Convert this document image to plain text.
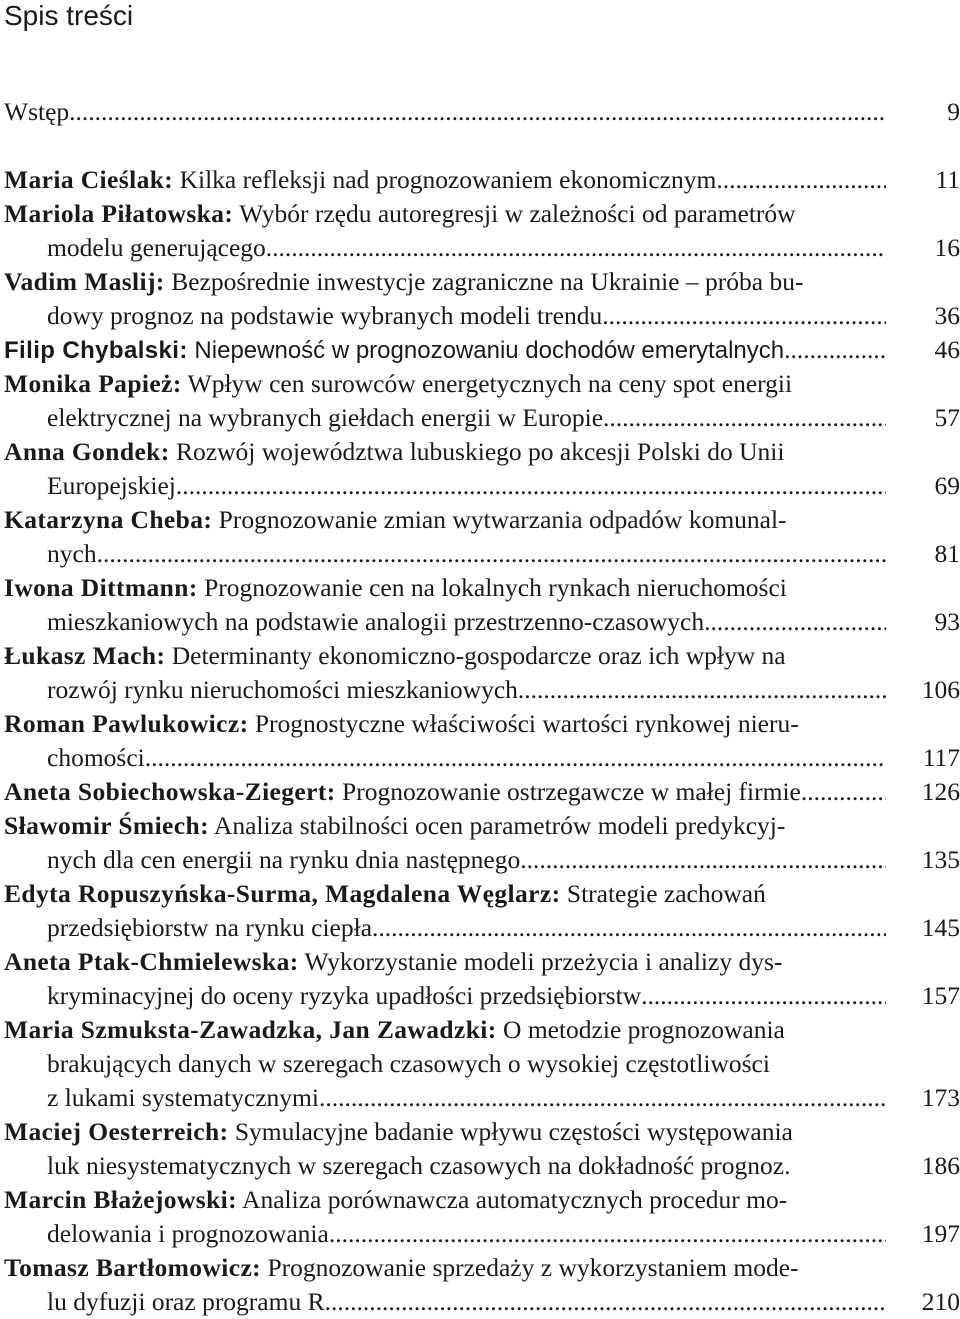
Spis treści
Wstęp .....	9
Maria Cieślak: Kilka refleksji nad prognozowaniem ekonomicznym .....	11
Mariola Piłatowska: Wybór rzędu autoregresji w zależności od parametrów
modelu generującego .....	16
Vadim Maslij: Bezpośrednie inwestycje zagraniczne na Ukrainie – próba bu-
dowy prognoz na podstawie wybranych modeli trendu .....	36
Filip Chybalski: Niepewność w prognozowaniu dochodów emerytalnych .....	46
Monika Papież: Wpływ cen surowców energetycznych na ceny spot energii
elektrycznej na wybranych giełdach energii w Europie .....	57
Anna Gondek: Rozwój województwa lubuskiego po akcesji Polski do Unii
Europejskiej .....	69
Katarzyna Cheba: Prognozowanie zmian wytwarzania odpadów komunal-
nych .....	81
Iwona Dittmann: Prognozowanie cen na lokalnych rynkach nieruchomości
mieszkaniowych na podstawie analogii przestrzenno-czasowych .....	93
Łukasz Mach: Determinanty ekonomiczno-gospodarcze oraz ich wpływ na
rozwój rynku nieruchomości mieszkaniowych .....	106
Roman Pawlukowicz: Prognostyczne właściwości wartości rynkowej nieru-
chomości .....	117
Aneta Sobiechowska-Ziegert: Prognozowanie ostrzegawcze w małej firmie .....	126
Sławomir Śmiech: Analiza stabilności ocen parametrów modeli predykcyj-
nych dla cen energii na rynku dnia następnego .....	135
Edyta Ropuszyńska-Surma, Magdalena Węglarz: Strategie zachowań
przedsiębiorstw na rynku ciepła .....	145
Aneta Ptak-Chmielewska: Wykorzystanie modeli przeżycia i analizy dys-
kryminacyjnej do oceny ryzyka upadłości przedsiębiorstw .....	157
Maria Szmuksta-Zawadzka, Jan Zawadzki: O metodzie prognozowania
brakujących danych w szeregach czasowych o wysokiej częstotliwości
z lukami systematycznymi .....	173
Maciej Oesterreich: Symulacyjne badanie wpływu częstości występowania
luk niesystematycznych w szeregach czasowych na dokładność prognoz.	186
Marcin Błażejowski: Analiza porównawcza automatycznych procedur mo-
delowania i prognozowania .....	197
Tomasz Bartłomowicz: Prognozowanie sprzedaży z wykorzystaniem mode-
lu dyfuzji oraz programu R .....	210
